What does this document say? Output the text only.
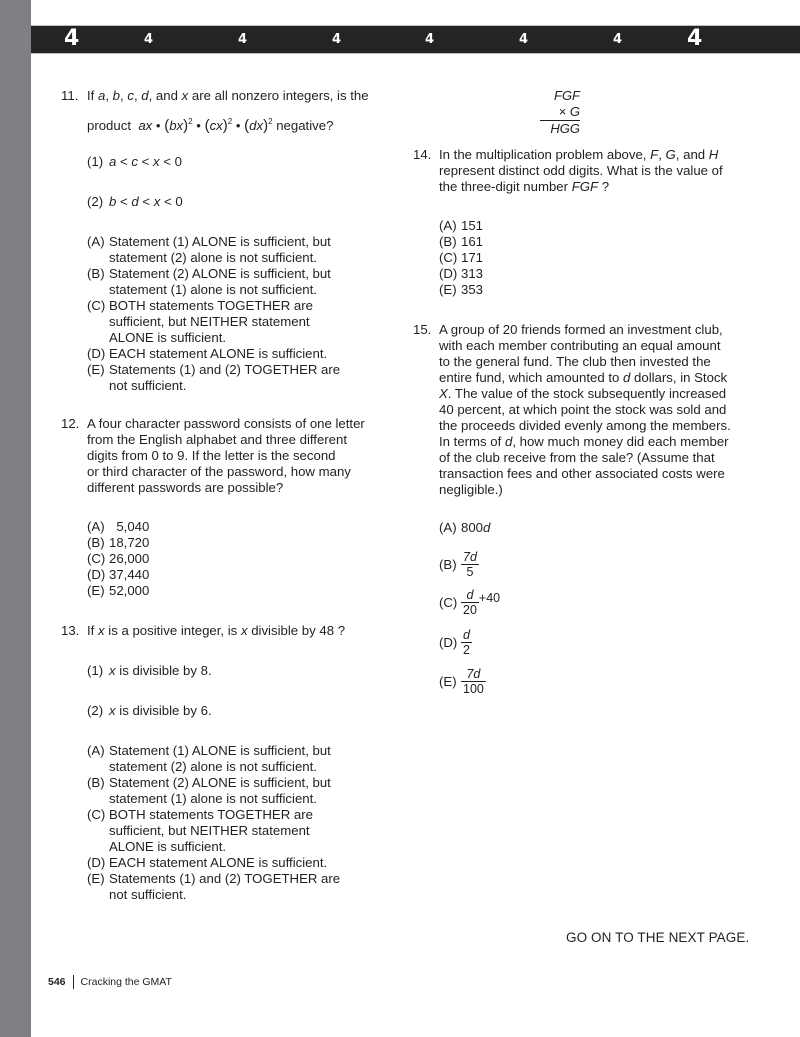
4	4	4	4	4	4	4	4
11. If a, b, c, d, and x are all nonzero integers, is the
product ax • (bx)$^2$ • (cx)$^2$ • (dx)$^2$ negative?
(1) a < c < x < 0
(2) b < d < x < 0
(A) Statement (1) ALONE is sufficient, but
statement (2) alone is not sufficient.
(B) Statement (2) ALONE is sufficient, but
statement (1) alone is not sufficient.
(C) BOTH statements TOGETHER are
sufficient, but NEITHER statement
ALONE is sufficient.
(D) EACH statement ALONE is sufficient.
(E) Statements (1) and (2) TOGETHER are
not sufficient.
12. A four character password consists of one letter
from the English alphabet and three different
digits from 0 to 9. If the letter is the second
or third character of the password, how many
different passwords are possible?
(A) 5,040
(B) 18,720
(C) 26,000
(D) 37,440
(E) 52,000
13. If x is a positive integer, is x divisible by 48 ?
(1) x is divisible by 8.
(2) x is divisible by 6.
(A) Statement (1) ALONE is sufficient, but
statement (2) alone is not sufficient.
(B) Statement (2) ALONE is sufficient, but
statement (1) alone is not sufficient.
(C) BOTH statements TOGETHER are
sufficient, but NEITHER statement
ALONE is sufficient.
(D) EACH statement ALONE is sufficient.
(E) Statements (1) and (2) TOGETHER are
not sufficient.
FGF
× G
HGG
14. In the multiplication problem above, F, G, and H
represent distinct odd digits. What is the value of
the three-digit number FGF ?
(A) 151
(B) 161
(C) 171
(D) 313
(E) 353
15. A group of 20 friends formed an investment club,
with each member contributing an equal amount
to the general fund. The club then invested the
entire fund, which amounted to d dollars, in Stock
X. The value of the stock subsequently increased
40 percent, at which point the stock was sold and
the proceeds divided evenly among the members.
In terms of d, how much money did each member
of the club receive from the sale? (Assume that
transaction fees and other associated costs were
negligible.)
(A) 800d
$(B) \frac{7d}{5}$
$(C) \frac{d}{20} +40$
$(D) \frac{d}{2}$
$(E) \frac{7d}{100}$
GO ON TO THE NEXT PAGE.
546 Cracking the GMAT
